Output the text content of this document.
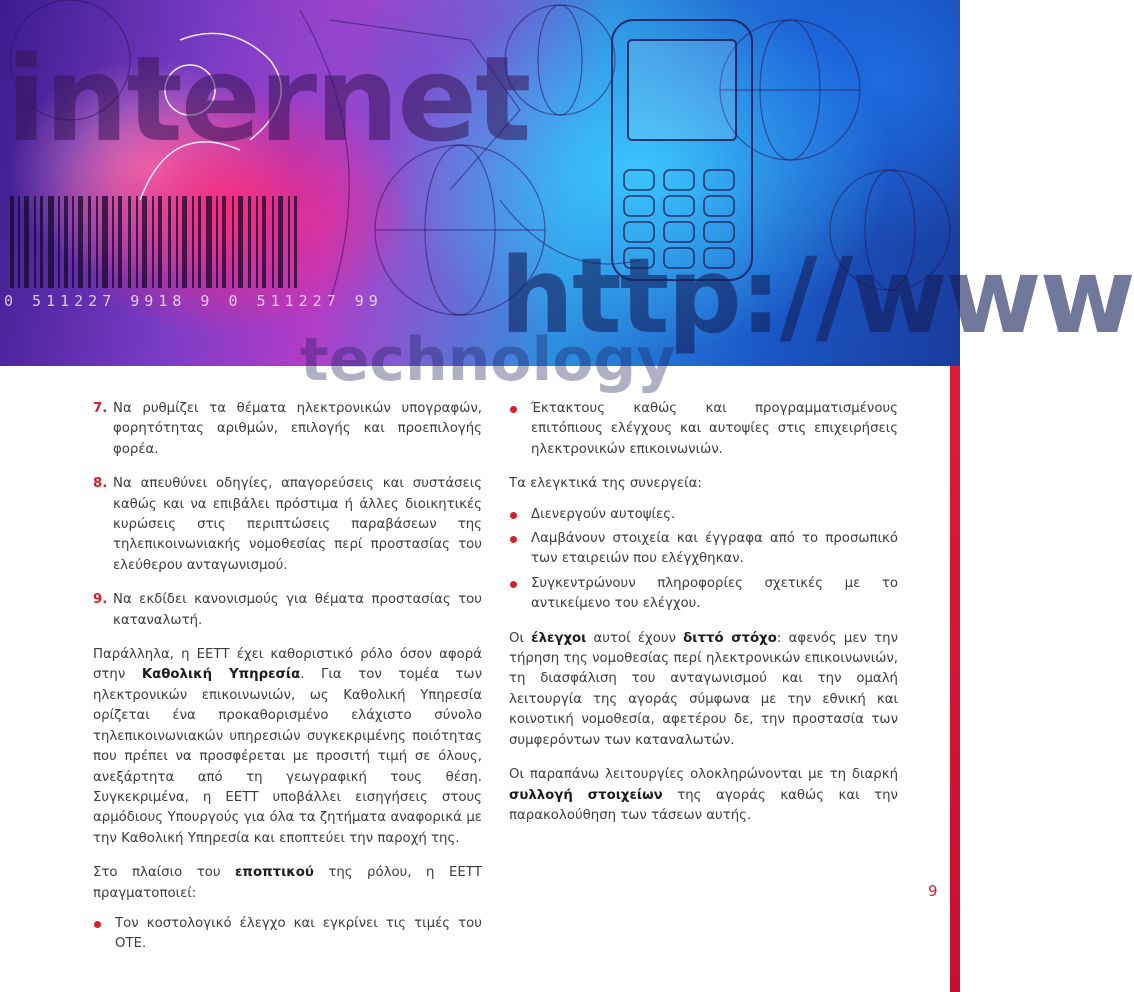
internet
http://www
technology
0 511227 9918 9 0 511227 99
7. Να ρυθμίζει τα θέματα ηλεκτρονικών υπογραφών, φορητότητας αριθμών, επιλογής και προεπιλογής φορέα.
8. Να απευθύνει οδηγίες, απαγορεύσεις και συστάσεις καθώς και να επιβάλει πρόστιμα ή άλλες διοικητικές κυρώσεις στις περιπτώσεις παραβάσεων της τηλεπικοινωνιακής νομοθεσίας περί προστασίας του ελεύθερου ανταγωνισμού.
9. Να εκδίδει κανονισμούς για θέματα προστασίας του καταναλωτή.

Παράλληλα, η ΕΕΤΤ έχει καθοριστικό ρόλο όσον αφορά στην Καθολική Υπηρεσία. Για τον τομέα των ηλεκτρονικών επικοινωνιών, ως Καθολική Υπηρεσία ορίζεται ένα προκαθορισμένο ελάχιστο σύνολο τηλεπικοινωνιακών υπηρεσιών συγκεκριμένης ποιότητας που πρέπει να προσφέρεται με προσιτή τιμή σε όλους, ανεξάρτητα από τη γεωγραφική τους θέση. Συγκεκριμένα, η ΕΕΤΤ υποβάλλει εισηγήσεις στους αρμόδιους Υπουργούς για όλα τα ζητήματα αναφορικά με την Καθολική Υπηρεσία και εποπτεύει την παροχή της.

Στο πλαίσιο του εποπτικού της ρόλου, η ΕΕΤΤ πραγματοποιεί:

Τον κοστολογικό έλεγχο και εγκρίνει τις τιμές του ΟΤΕ.
Έκτακτους καθώς και προγραμματισμένους επιτόπιους ελέγχους και αυτοψίες στις επιχειρήσεις ηλεκτρονικών επικοινωνιών.

Τα ελεγκτικά της συνεργεία:

Διενεργούν αυτοψίες.
Λαμβάνουν στοιχεία και έγγραφα από το προσωπικό των εταιρειών που ελέγχθηκαν.
Συγκεντρώνουν πληροφορίες σχετικές με το αντικείμενο του ελέγχου.

Οι έλεγχοι αυτοί έχουν διττό στόχο: αφενός μεν την τήρηση της νομοθεσίας περί ηλεκτρονικών επικοινωνιών, τη διασφάλιση του ανταγωνισμού και την ομαλή λειτουργία της αγοράς σύμφωνα με την εθνική και κοινοτική νομοθεσία, αφετέρου δε, την προστασία των συμφερόντων των καταναλωτών.

Οι παραπάνω λειτουργίες ολοκληρώνονται με τη διαρκή συλλογή στοιχείων της αγοράς καθώς και την παρακολούθηση των τάσεων αυτής.

9
